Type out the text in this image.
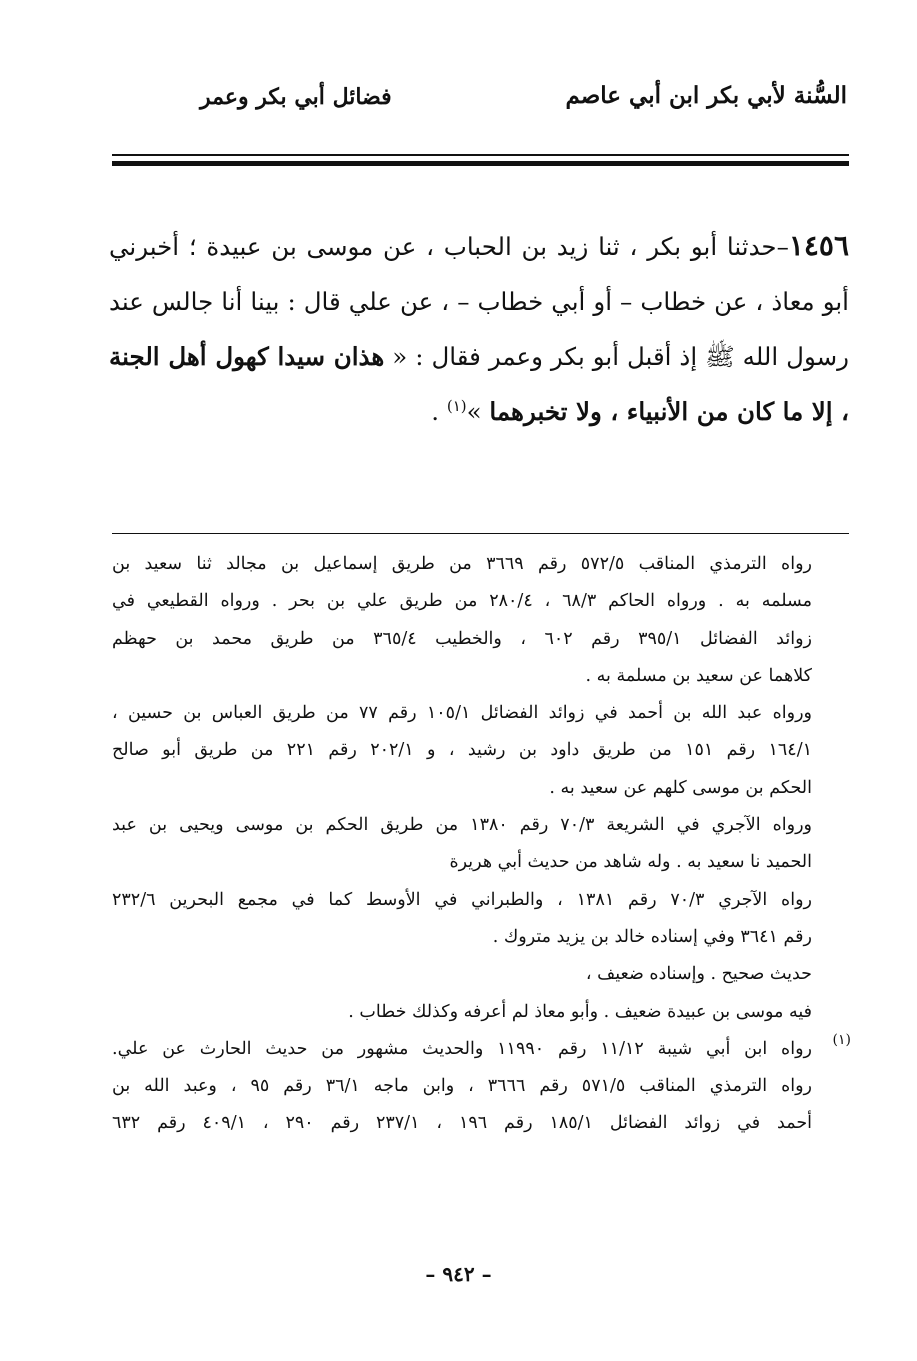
السُّنة لأبي بكر ابن أبي عاصم
فضائل أبي بكر وعمر
١٤٥٦–حدثنا أبو بكر ، ثنا زيد بن الحباب ، عن موسى بن عبيدة ؛ أخبرني أبو معاذ ، عن خطاب – أو أبي خطاب – ، عن علي قال : بينا أنا جالس عند رسول الله ﷺ إذ أقبل أبو بكر وعمر فقال : « هذان سيدا كهول أهل الجنة ، إلا ما كان من الأنبياء ، ولا تخبرهما »$^{(١)}$ .
(١)
رواه الترمذي المناقب ٥٧٢/٥ رقم ٣٦٦٩ من طريق إسماعيل بن مجالد ثنا سعيد بن
مسلمه به . ورواه الحاكم ٦٨/٣ ، ٢٨٠/٤ من طريق علي بن بحر . ورواه القطيعي في
زوائد الفضائل ٣٩٥/١ رقم ٦٠٢ ، والخطيب ٣٦٥/٤ من طريق محمد بن حهظم
كلاهما عن سعيد بن مسلمة به .
ورواه عبد الله بن أحمد في زوائد الفضائل ١٠٥/١ رقم ٧٧ من طريق العباس بن حسين ،
١٦٤/١ رقم ١٥١ من طريق داود بن رشيد ، و ٢٠٢/١ رقم ٢٢١ من طريق أبو صالح
الحكم بن موسى كلهم عن سعيد به .
ورواه الآجري في الشريعة ٧٠/٣ رقم ١٣٨٠ من طريق الحكم بن موسى ويحيى بن عبد
الحميد نا سعيد به . وله شاهد من حديث أبي هريرة
رواه الآجري ٧٠/٣ رقم ١٣٨١ ، والطبراني في الأوسط كما في مجمع البحرين ٢٣٢/٦
رقم ٣٦٤١ وفي إسناده خالد بن يزيد متروك .
حديث صحيح . وإسناده ضعيف ،
فيه موسى بن عبيدة ضعيف . وأبو معاذ لم أعرفه وكذلك خطاب .
رواه ابن أبي شيبة ١١/١٢ رقم ١١٩٩٠ والحديث مشهور من حديث الحارث عن علي.
رواه الترمذي المناقب ٥٧١/٥ رقم ٣٦٦٦ ، وابن ماجه ٣٦/١ رقم ٩٥ ، وعبد الله بن
أحمد في زوائد الفضائل ١٨٥/١ رقم ١٩٦ ، ٢٣٧/١ رقم ٢٩٠ ، ٤٠٩/١ رقم ٦٣٢
– ٩٤٢ –
